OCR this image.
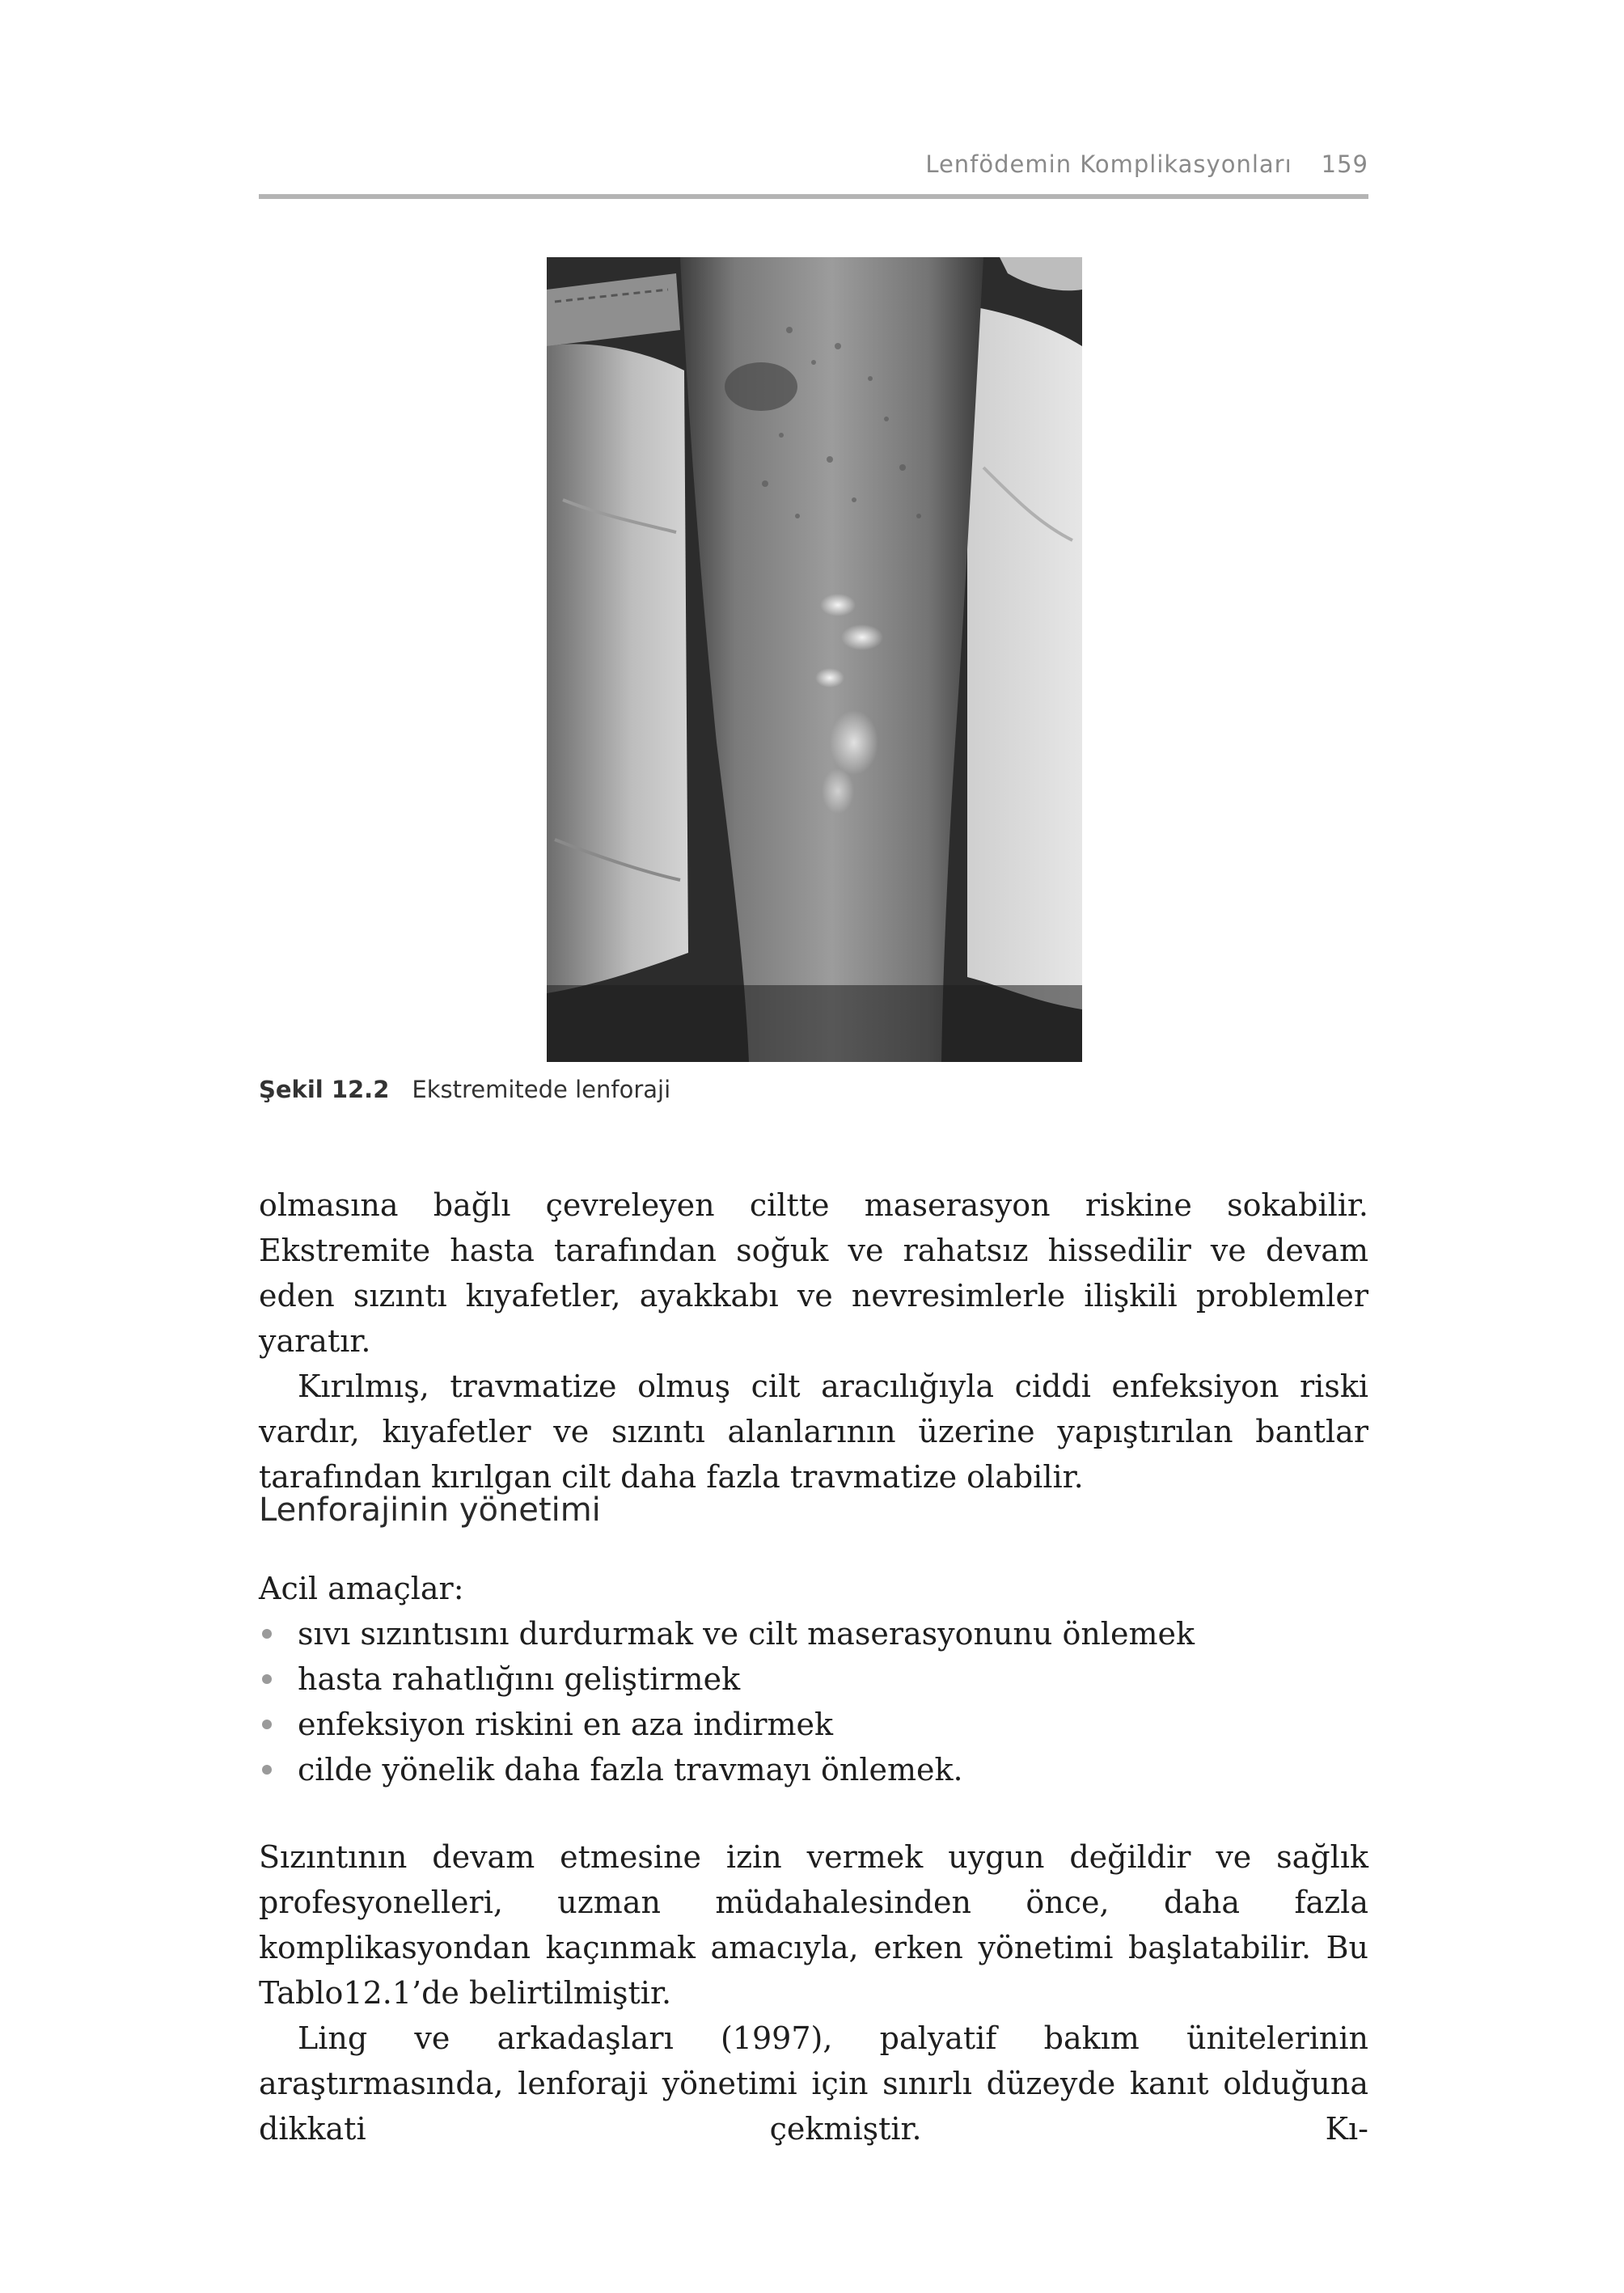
Lenfödemin Komplikasyonları 159
Şekil 12.2 Ekstremitede lenforaji

olmasına bağlı çevreleyen ciltte maserasyon riskine sokabilir. Ekstremite hasta tarafından soğuk ve rahatsız hissedilir ve devam eden sızıntı kıyafetler, ayakkabı ve nevresimlerle ilişkili problemler yaratır.

Kırılmış, travmatize olmuş cilt aracılığıyla ciddi enfeksiyon riski vardır, kıyafetler ve sızıntı alanlarının üzerine yapıştırılan bantlar tarafından kırılgan cilt daha fazla travmatize olabilir.

Lenforajinin yönetimi

Acil amaçlar:

sıvı sızıntısını durdurmak ve cilt maserasyonunu önlemek
hasta rahatlığını geliştirmek
enfeksiyon riskini en aza indirmek
cilde yönelik daha fazla travmayı önlemek.

Sızıntının devam etmesine izin vermek uygun değildir ve sağlık profesyonelleri, uzman müdahalesinden önce, daha fazla komplikasyondan kaçınmak amacıyla, erken yönetimi başlatabilir. Bu Tablo12.1’de belirtilmiştir.

Ling ve arkadaşları (1997), palyatif bakım ünitelerinin araştırmasında, lenforaji yönetimi için sınırlı düzeyde kanıt olduğuna dikkati çekmiştir. Kı-
